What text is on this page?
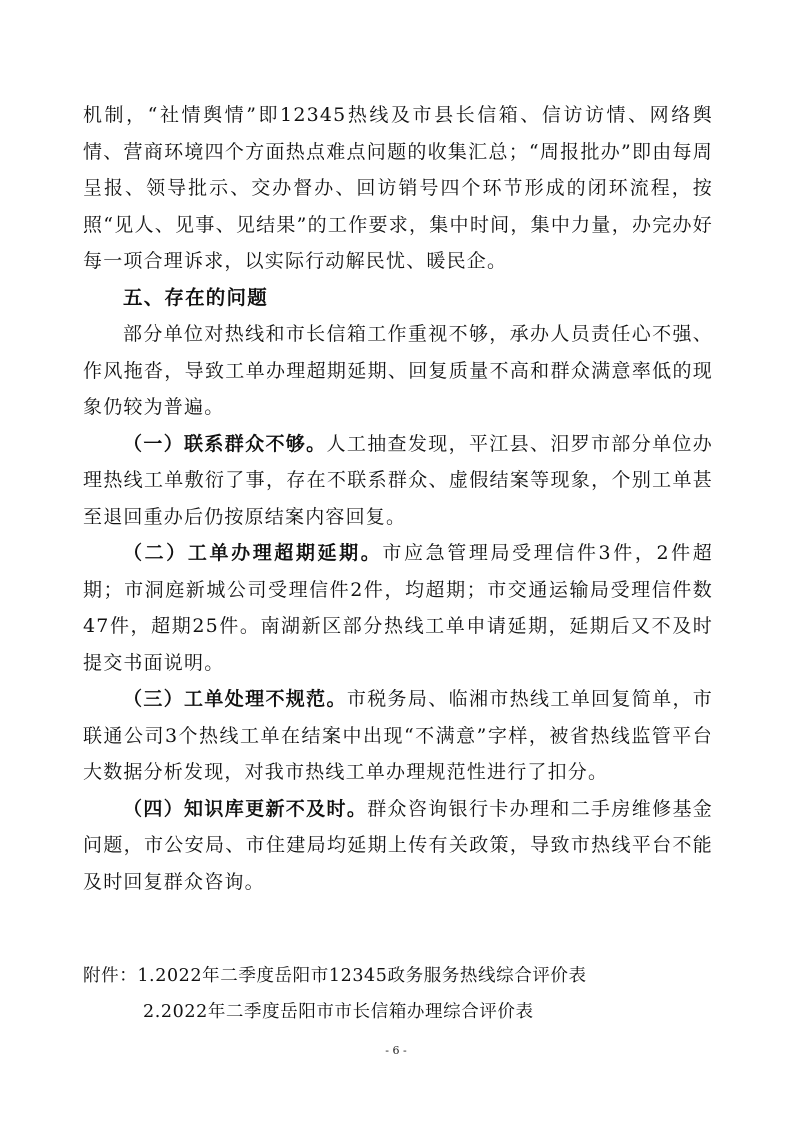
机制，“社情舆情”即12345热线及市县长信箱、信访访情、网络舆情、营商环境四个方面热点难点问题的收集汇总；“周报批办”即由每周呈报、领导批示、交办督办、回访销号四个环节形成的闭环流程，按照“见人、见事、见结果”的工作要求，集中时间，集中力量，办完办好每一项合理诉求，以实际行动解民忧、暖民企。

五、存在的问题

部分单位对热线和市长信箱工作重视不够，承办人员责任心不强、作风拖沓，导致工单办理超期延期、回复质量不高和群众满意率低的现象仍较为普遍。

（一）联系群众不够。人工抽查发现，平江县、汨罗市部分单位办理热线工单敷衍了事，存在不联系群众、虚假结案等现象，个别工单甚至退回重办后仍按原结案内容回复。

（二）工单办理超期延期。市应急管理局受理信件3件，2件超期；市洞庭新城公司受理信件2件，均超期；市交通运输局受理信件数47件，超期25件。南湖新区部分热线工单申请延期，延期后又不及时提交书面说明。

（三）工单处理不规范。市税务局、临湘市热线工单回复简单，市联通公司3个热线工单在结案中出现“不满意”字样，被省热线监管平台大数据分析发现，对我市热线工单办理规范性进行了扣分。

（四）知识库更新不及时。群众咨询银行卡办理和二手房维修基金问题，市公安局、市住建局均延期上传有关政策，导致市热线平台不能及时回复群众咨询。

附件：1.2022年二季度岳阳市12345政务服务热线综合评价表
2.2022年二季度岳阳市市长信箱办理综合评价表
- 6 -
